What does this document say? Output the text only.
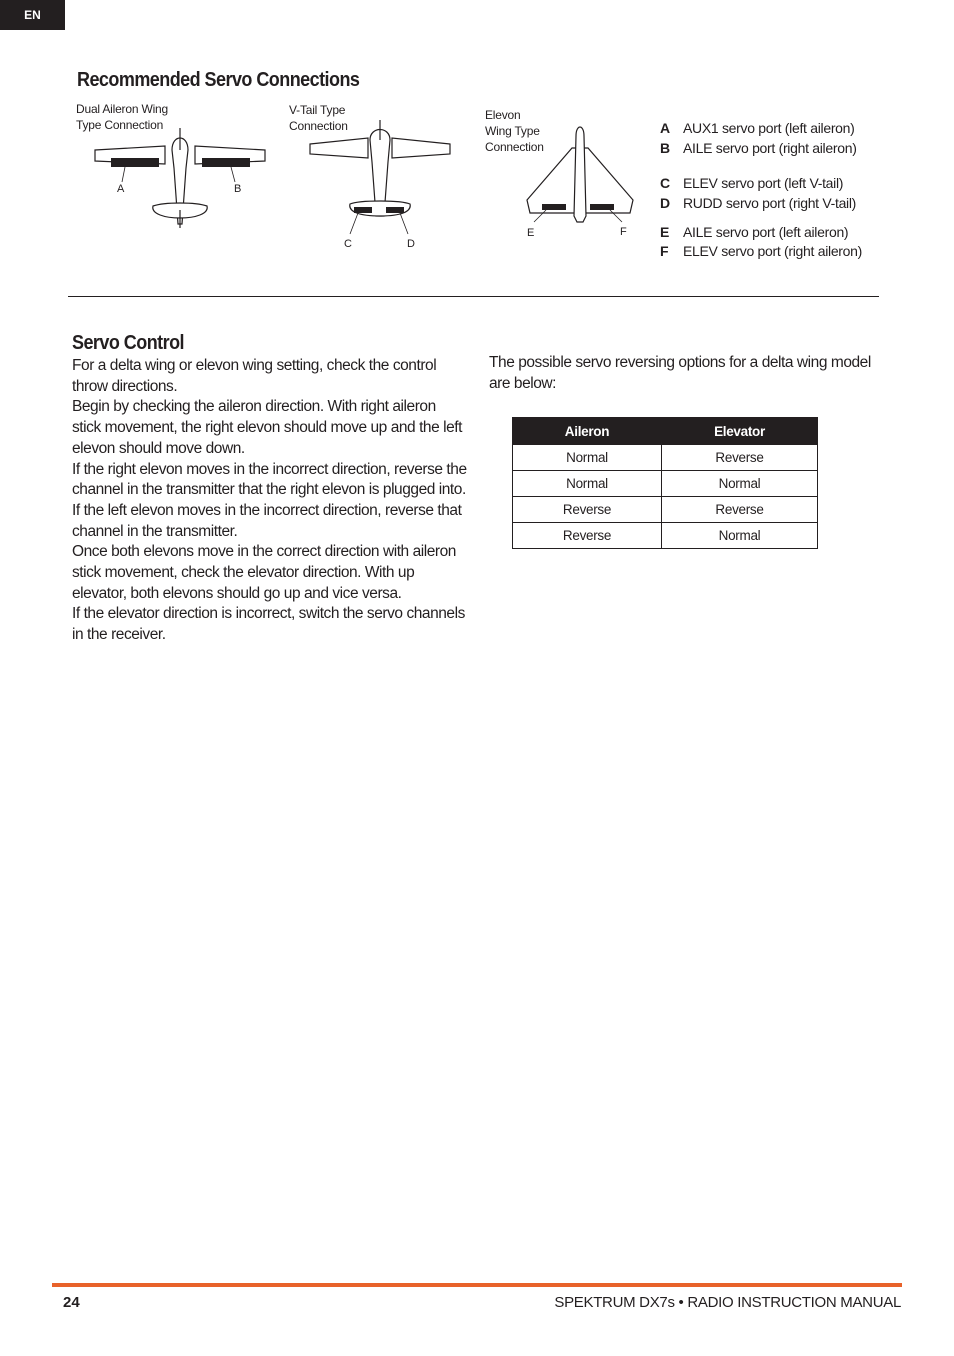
EN
Recommended Servo Connections
Dual Aileron Wing
Type Connection
A	B
V-Tail Type
Connection
C	D
Elevon
Wing Type
Connection
E	F
A AUX1 servo port (left aileron)
B AILE servo port (right aileron)
C ELEV servo port (left V-tail)
D RUDD servo port (right V-tail)
E AILE servo port (left aileron)
F ELEV servo port (right aileron)
Servo Control

For a delta wing or elevon wing setting, check the control throw directions.

Begin by checking the aileron direction. With right aileron stick movement, the right elevon should move up and the left elevon should move down.

If the right elevon moves in the incorrect direction, reverse the channel in the transmitter that the right elevon is plugged into.

If the left elevon moves in the incorrect direction, reverse that channel in the transmitter.

Once both elevons move in the correct direction with aileron stick movement, check the elevator direction. With up elevator, both elevons should go up and vice versa.

If the elevator direction is incorrect, switch the servo channels in the receiver.

The possible servo reversing options for a delta wing model are below:
Aileron	Elevator
Normal	Reverse
Normal	Normal
Reverse	Reverse
Reverse	Normal
24	SPEKTRUM DX7s • RADIO INSTRUCTION MANUAL
